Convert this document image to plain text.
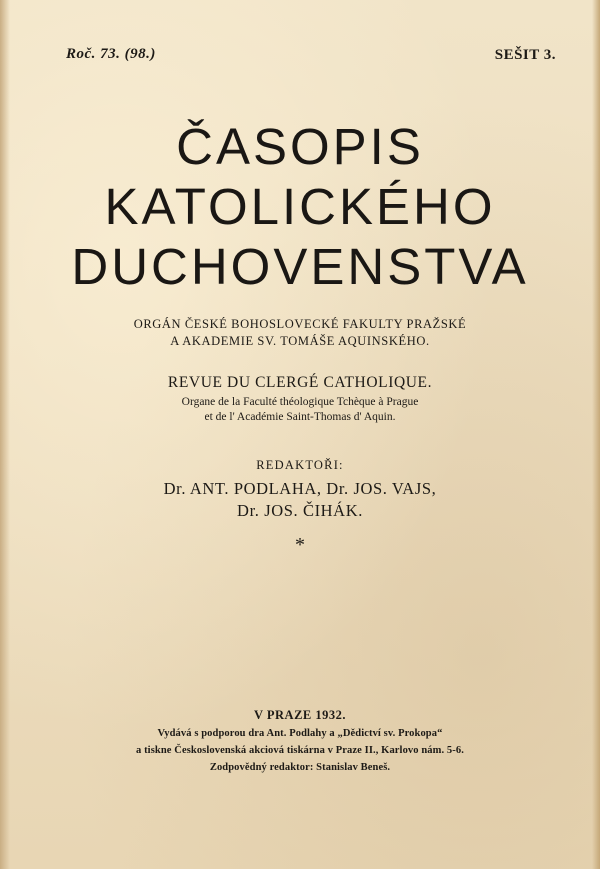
Roč. 73. (98.)	SEŠIT 3.
ČASOPIS
KATOLICKÉHO
DUCHOVENSTVA
ORGÁN ČESKÉ BOHOSLOVECKÉ FAKULTY PRAŽSKÉ
A AKADEMIE SV. TOMÁŠE AQUINSKÉHO.
REVUE DU CLERGÉ CATHOLIQUE.
Organe de la Faculté théologique Tchèque à Prague
et de l' Académie Saint-Thomas d' Aquin.
REDAKTOŘI:
Dr. ANT. PODLAHA, Dr. JOS. VAJS,
Dr. JOS. ČIHÁK.
*
V PRAZE 1932.
Vydává s podporou dra Ant. Podlahy a „Dědictví sv. Prokopa“
a tiskne Československá akciová tiskárna v Praze II., Karlovo nám. 5-6.
Zodpovědný redaktor: Stanislav Beneš.
